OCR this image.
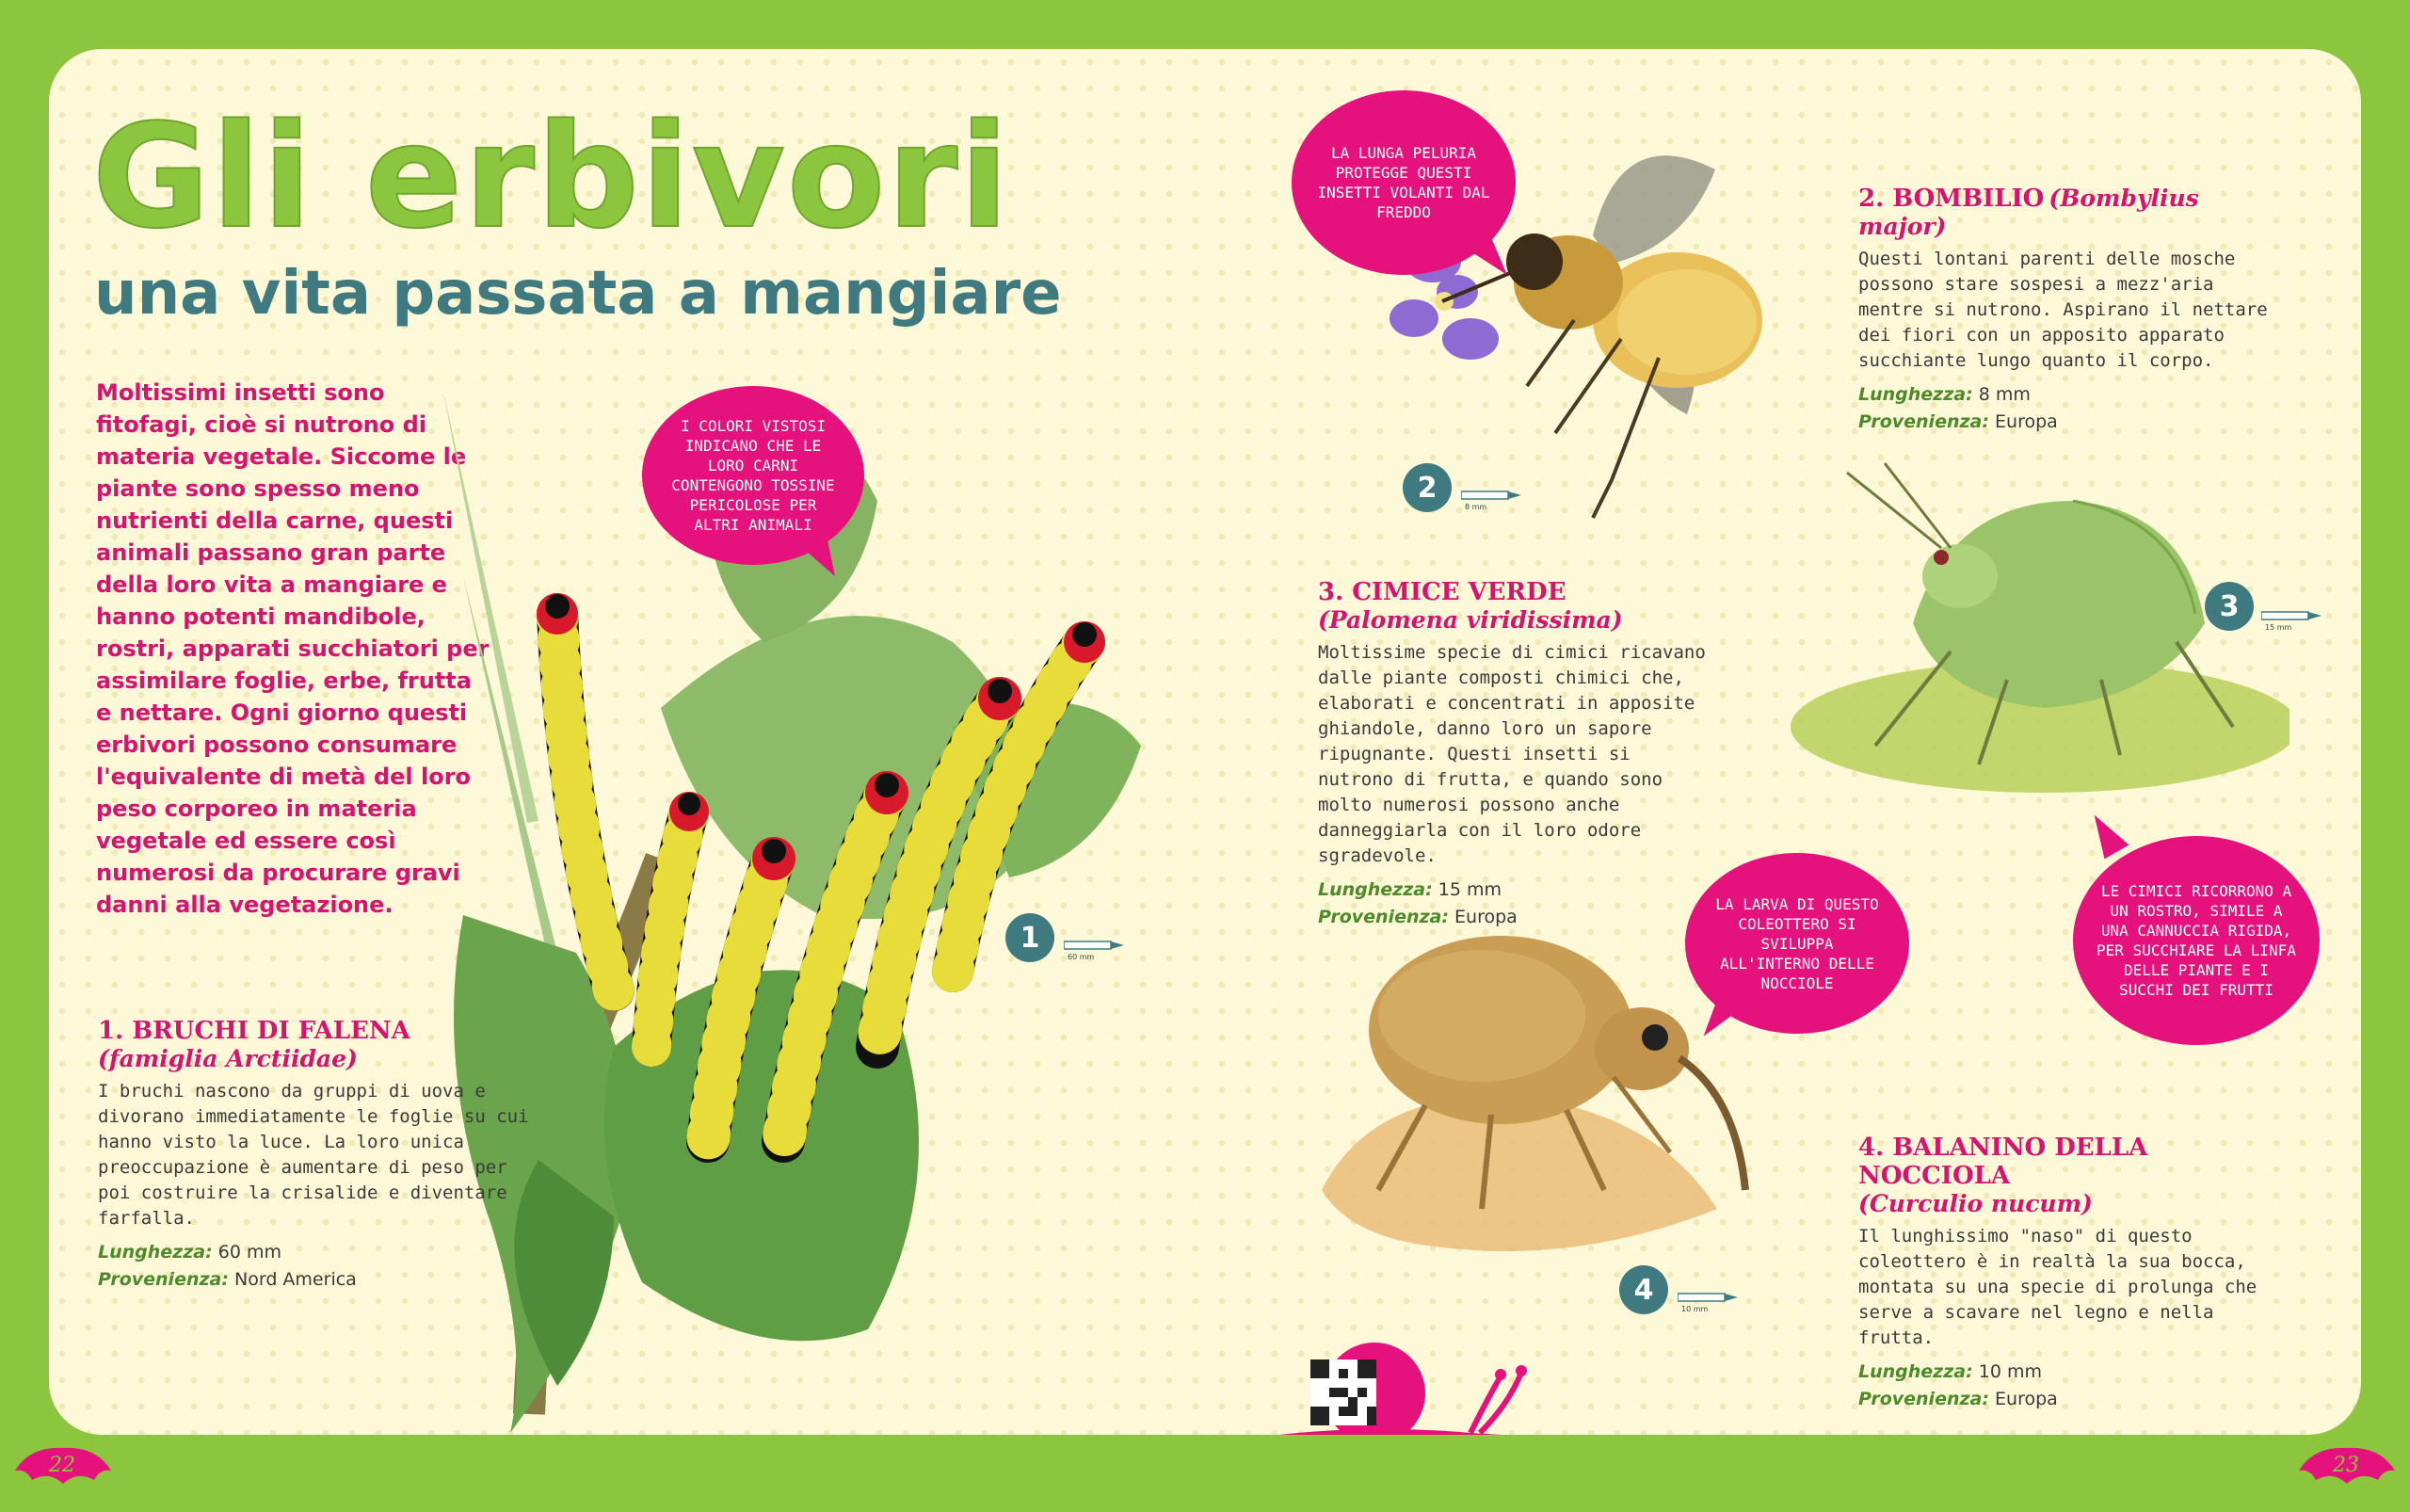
Gli erbivori
una vita passata a mangiare

Moltissimi insetti sono fitofagi, cioè si nutrono di materia vegetale. Siccome le piante sono spesso meno nutrienti della carne, questi animali passano gran parte della loro vita a mangiare e hanno potenti mandibole, rostri, apparati succhiatori per assimilare foglie, erbe, frutta e nettare. Ogni giorno questi erbivori possono consumare l'equivalente di metà del loro peso corporeo in materia vegetale ed essere così numerosi da procurare gravi danni alla vegetazione.

1. BRUCHI DI FALENA

(famiglia Arctiidae)

I bruchi nascono da gruppi di uova e divorano immediatamente le foglie su cui hanno visto la luce. La loro unica preoccupazione è aumentare di peso per poi costruire la crisalide e diventare farfalla.

Lunghezza: 60 mm
Provenienza: Nord America

1
60 mm
I COLORI VISTOSI INDICANO CHE LE LORO CARNI CONTENGONO TOSSINE PERICOLOSE PER ALTRI ANIMALI
LA LUNGA PELURIA PROTEGGE QUESTI INSETTI VOLANTI DAL FREDDO
2
8 mm

2. BOMBILIO

(Bombylius major)

Questi lontani parenti delle mosche possono stare sospesi a mezz'aria mentre si nutrono. Aspirano il nettare dei fiori con un apposito apparato succhiante lungo quanto il corpo.

Lunghezza: 8 mm
Provenienza: Europa

3
15 mm

3. CIMICE VERDE

(Palomena viridissima)

Moltissime specie di cimici ricavano dalle piante composti chimici che, elaborati e concentrati in apposite ghiandole, danno loro un sapore ripugnante. Questi insetti si nutrono di frutta, e quando sono molto numerosi possono anche danneggiarla con il loro odore sgradevole.

Lunghezza: 15 mm
Provenienza: Europa

LA LARVA DI QUESTO COLEOTTERO SI SVILUPPA ALL'INTERNO DELLE NOCCIOLE
LE CIMICI RICORRONO A UN ROSTRO, SIMILE A UNA CANNUCCIA RIGIDA, PER SUCCHIARE LA LINFA DELLE PIANTE E I SUCCHI DEI FRUTTI

4. BALANINO DELLA NOCCIOLA

(Curculio nucum)

Il lunghissimo "naso" di questo coleottero è in realtà la sua bocca, montata su una specie di prolunga che serve a scavare nel legno e nella frutta.

Lunghezza: 10 mm
Provenienza: Europa

4
10 mm
22	23
